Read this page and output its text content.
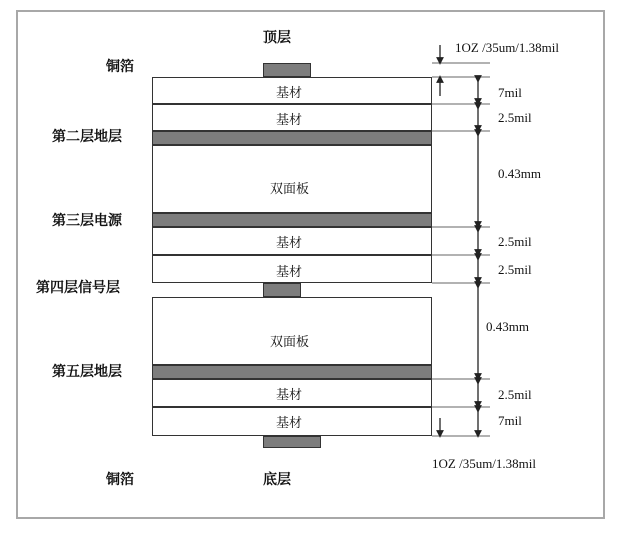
顶层
底层
铜箔
第二层地层
第三层电源
第四层信号层
第五层地层
铜箔
基材
基材
双面板
基材
基材
双面板
基材
基材
1OZ /35um/1.38mil
7mil
2.5mil
0.43mm
2.5mil
2.5mil
0.43mm
2.5mil
7mil
1OZ /35um/1.38mil
